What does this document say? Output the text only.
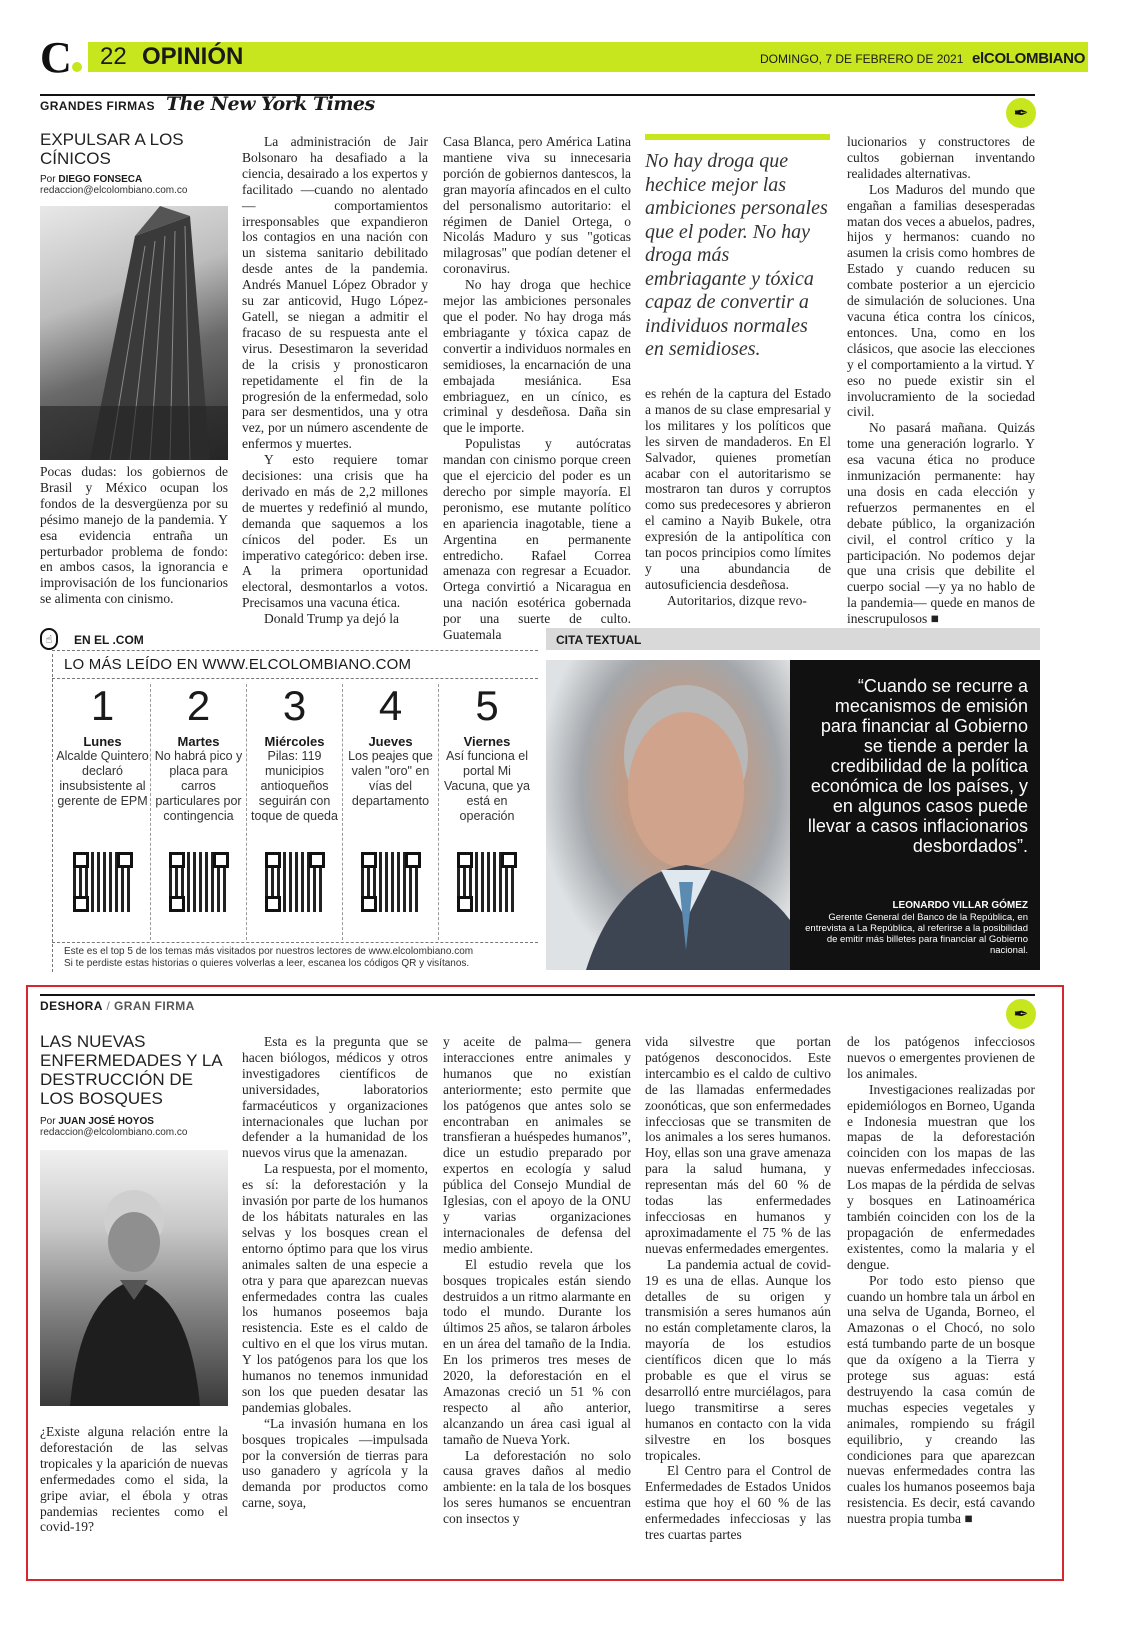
C	22 OPINIÓN	DOMINGO, 7 DE FEBRERO DE 2021 elCOLOMBIANO
GRANDES FIRMAS The New York Times	✒
EXPULSAR A LOS CÍNICOS
Por DIEGO FONSECA
redaccion@elcolombiano.com.co

Pocas dudas: los gobiernos de Brasil y México ocupan los fondos de la desvergüenza por su pésimo manejo de la pandemia. Y esa evidencia entraña un perturbador problema de fondo: en ambos casos, la ignorancia e improvisación de los funcionarios se alimenta con cinismo.

La administración de Jair Bolsonaro ha desafiado a la ciencia, desairado a los expertos y facilitado —cuando no alentado— comportamientos irresponsables que expandieron los contagios en una nación con un sistema sanitario debilitado desde antes de la pandemia. Andrés Manuel López Obrador y su zar anticovid, Hugo López-Gatell, se niegan a admitir el fracaso de su respuesta ante el virus. Desestimaron la severidad de la crisis y pronosticaron repetidamente el fin de la progresión de la enfermedad, solo para ser desmentidos, una y otra vez, por un número ascendente de enfermos y muertes.

Y esto requiere tomar decisiones: una crisis que ha derivado en más de 2,2 millones de muertes y redefinió al mundo, demanda que saquemos a los cínicos del poder. Es un imperativo categórico: deben irse. A la primera oportunidad electoral, desmontarlos a votos. Precisamos una vacuna ética.

Donald Trump ya dejó la

Casa Blanca, pero América Latina mantiene viva su innecesaria porción de gobiernos dantescos, la gran mayoría afincados en el culto del personalismo autoritario: el régimen de Daniel Ortega, o Nicolás Maduro y sus "goticas milagrosas" que podían detener el coronavirus.

No hay droga que hechice mejor las ambiciones personales que el poder. No hay droga más embriagante y tóxica capaz de convertir a individuos normales en semidioses, la encarnación de una embajada mesiánica. Esa embriaguez, en un cínico, es criminal y desdeñosa. Daña sin que le importe.

Populistas y autócratas mandan con cinismo porque creen que el ejercicio del poder es un derecho por simple mayoría. El peronismo, ese mutante político en apariencia inagotable, tiene a Argentina en permanente entredicho. Rafael Correa amenaza con regresar a Ecuador. Ortega convirtió a Nicaragua en una nación esotérica gobernada por una suerte de culto. Guatemala

No hay droga que hechice mejor las ambiciones personales que el poder. No hay droga más embriagante y tóxica capaz de convertir a individuos normales en semidioses.

es rehén de la captura del Estado a manos de su clase empresarial y los militares y los políticos que les sirven de mandaderos. En El Salvador, quienes prometían acabar con el autoritarismo se mostraron tan duros y corruptos como sus predecesores y abrieron el camino a Nayib Bukele, otra expresión de la antipolítica con tan pocos principios como límites y una abundancia de autosuficiencia desdeñosa.

Autoritarios, dizque revo-

lucionarios y constructores de cultos gobiernan inventando realidades alternativas.

Los Maduros del mundo que engañan a familias desesperadas matan dos veces a abuelos, padres, hijos y hermanos: cuando no asumen la crisis como hombres de Estado y cuando reducen su combate posterior a un ejercicio de simulación de soluciones. Una vacuna ética contra los cínicos, entonces. Una, como en los clásicos, que asocie las elecciones y el comportamiento a la virtud. Y eso no puede existir sin el involucramiento de la sociedad civil.

No pasará mañana. Quizás tome una generación lograrlo. Y esa vacuna ética no produce inmunización permanente: hay una dosis en cada elección y refuerzos permanentes en el debate público, la organización civil, el control crítico y la participación. No podemos dejar que una crisis que debilite el cuerpo social —y ya no hablo de la pandemia— quede en manos de inescrupulosos ■

☝	EN EL .COM
LO MÁS LEÍDO EN WWW.ELCOLOMBIANO.COM
1
Lunes
Alcalde Quintero declaró insubsistente al gerente de EPM
2
Martes
No habrá pico y placa para carros particulares por contingencia
3
Miércoles
Pilas: 119 municipios antioqueños seguirán con toque de queda
4
Jueves
Los peajes que valen "oro" en vías del departamento
5
Viernes
Así funciona el portal Mi Vacuna, que ya está en operación
Este es el top 5 de los temas más visitados por nuestros lectores de www.elcolombiano.com
Si te perdiste estas historias o quieres volverlas a leer, escanea los códigos QR y visítanos.
CITA TEXTUAL
“Cuando se recurre a mecanismos de emisión para financiar al Gobierno se tiende a perder la credibilidad de la política económica de los países, y en algunos casos puede llevar a casos inflacionarios desbordados”.
LEONARDO VILLAR GÓMEZ
Gerente General del Banco de la República, en entrevista a La República, al referirse a la posibilidad de emitir más billetes para financiar al Gobierno nacional.
DESHORA / GRAN FIRMA	✒
LAS NUEVAS ENFERMEDADES Y LA DESTRUCCIÓN DE LOS BOSQUES
Por JUAN JOSÉ HOYOS
redaccion@elcolombiano.com.co

¿Existe alguna relación entre la deforestación de las selvas tropicales y la aparición de nuevas enfermedades como el sida, la gripe aviar, el ébola y otras pandemias recientes como el covid-19?

Esta es la pregunta que se hacen biólogos, médicos y otros investigadores científicos de universidades, laboratorios farmacéuticos y organizaciones internacionales que luchan por defender a la humanidad de los nuevos virus que la amenazan.

La respuesta, por el momento, es sí: la deforestación y la invasión por parte de los humanos de los hábitats naturales en las selvas y los bosques crean el entorno óptimo para que los virus animales salten de una especie a otra y para que aparezcan nuevas enfermedades contra las cuales los humanos poseemos baja resistencia. Este es el caldo de cultivo en el que los virus mutan. Y los patógenos para los que los humanos no tenemos inmunidad son los que pueden desatar las pandemias globales.

“La invasión humana en los bosques tropicales —impulsada por la conversión de tierras para uso ganadero y agrícola y la demanda por productos como carne, soya,

y aceite de palma— genera interacciones entre animales y humanos que no existían anteriormente; esto permite que los patógenos que antes solo se encontraban en animales se transfieran a huéspedes humanos”, dice un estudio preparado por expertos en ecología y salud pública del Consejo Mundial de Iglesias, con el apoyo de la ONU y varias organizaciones internacionales de defensa del medio ambiente.

El estudio revela que los bosques tropicales están siendo destruidos a un ritmo alarmante en todo el mundo. Durante los últimos 25 años, se talaron árboles en un área del tamaño de la India. En los primeros tres meses de 2020, la deforestación en el Amazonas creció un 51 % con respecto al año anterior, alcanzando un área casi igual al tamaño de Nueva York.

La deforestación no solo causa graves daños al medio ambiente: en la tala de los bosques los seres humanos se encuentran con insectos y

vida silvestre que portan patógenos desconocidos. Este intercambio es el caldo de cultivo de las llamadas enfermedades zoonóticas, que son enfermedades infecciosas que se transmiten de los animales a los seres humanos. Hoy, ellas son una grave amenaza para la salud humana, y representan más del 60 % de todas las enfermedades infecciosas en humanos y aproximadamente el 75 % de las nuevas enfermedades emergentes.

La pandemia actual de covid-19 es una de ellas. Aunque los detalles de su origen y transmisión a seres humanos aún no están completamente claros, la mayoría de los estudios científicos dicen que lo más probable es que el virus se desarrolló entre murciélagos, para luego transmitirse a seres humanos en contacto con la vida silvestre en los bosques tropicales.

El Centro para el Control de Enfermedades de Estados Unidos estima que hoy el 60 % de las enfermedades infecciosas y las tres cuartas partes

de los patógenos infecciosos nuevos o emergentes provienen de los animales.

Investigaciones realizadas por epidemiólogos en Borneo, Uganda e Indonesia muestran que los mapas de la deforestación coinciden con los mapas de las nuevas enfermedades infecciosas. Los mapas de la pérdida de selvas y bosques en Latinoamérica también coinciden con los de la propagación de enfermedades existentes, como la malaria y el dengue.

Por todo esto pienso que cuando un hombre tala un árbol en una selva de Uganda, Borneo, el Amazonas o el Chocó, no solo está tumbando parte de un bosque que da oxígeno a la Tierra y protege sus aguas: está destruyendo la casa común de muchas especies vegetales y animales, rompiendo su frágil equilibrio, y creando las condiciones para que aparezcan nuevas enfermedades contra las cuales los humanos poseemos baja resistencia. Es decir, está cavando nuestra propia tumba ■
